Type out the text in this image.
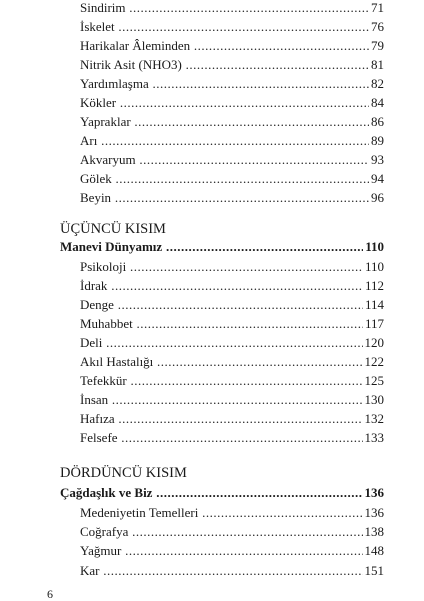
Sindirim .....	71
İskelet .....	76
Harikalar Âleminden .....	79
Nitrik Asit (NHO3) .....	81
Yardımlaşma .....	82
Kökler .....	84
Yapraklar .....	86
Arı .....	89
Akvaryum .....	93
Gölek .....	94
Beyin .....	96
ÜÇÜNCÜ KISIM
Manevi Dünyamız .....	110
Psikoloji .....	110
İdrak .....	112
Denge .....	114
Muhabbet .....	117
Deli .....	120
Akıl Hastalığı .....	122
Tefekkür .....	125
İnsan .....	130
Hafıza .....	132
Felsefe .....	133
DÖRDÜNCÜ KISIM
Çağdaşlık ve Biz .....	136
Medeniyetin Temelleri .....	136
Coğrafya .....	138
Yağmur .....	148
Kar .....	151
6
